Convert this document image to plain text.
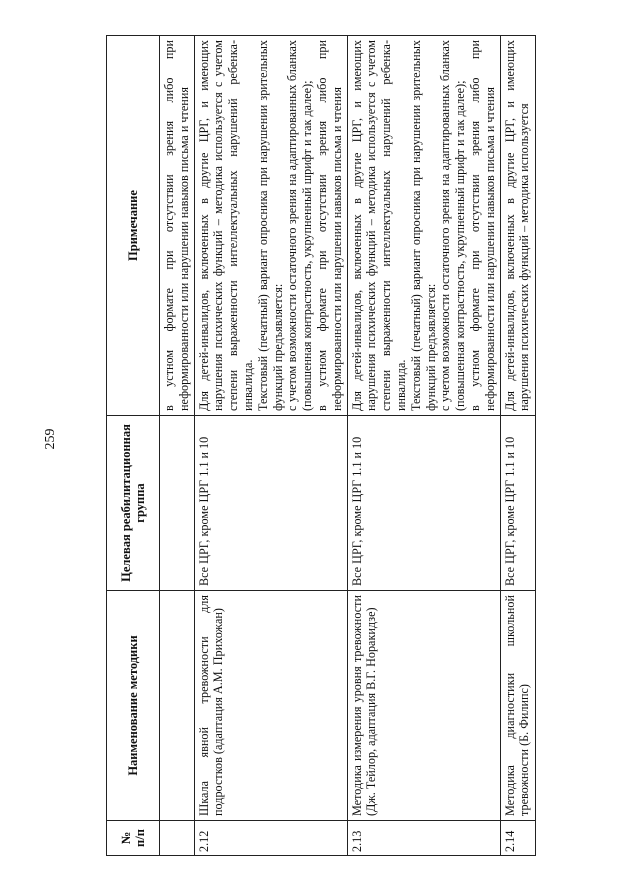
259
№ п/п	Наименование методики	Целевая реабилитационная группа	Примечание

			в устном формате при отсутствии зрения либо при неформированности или нарушении навыков письма и чтения

2.12	Шкала явной тревожности для подростков (адаптация А.М. Прихожан)	Все ЦРГ, кроме ЦРГ 1.1 и 10	Для детей-инвалидов, включенных в другие ЦРГ, и имеющих нарушения психических функций – методика используется с учетом степени выраженности интеллектуальных нарушений ребенка-инвалида. Текстовый (печатный) вариант опросника при нарушении зрительных функций предъявляется: с учетом возможности остаточного зрения на адаптированных бланках (повышенная контрастность, укрупненный шрифт и так далее); в устном формате при отсутствии зрения либо при неформированности или нарушении навыков письма и чтения

2.13	Методика измерения уровня тревожности (Дж. Тейлор, адаптация В.Г. Норакидзе)	Все ЦРГ, кроме ЦРГ 1.1 и 10	Для детей-инвалидов, включенных в другие ЦРГ, и имеющих нарушения психических функций – методика используется с учетом степени выраженности интеллектуальных нарушений ребенка-инвалида. Текстовый (печатный) вариант опросника при нарушении зрительных функций предъявляется: с учетом возможности остаточного зрения на адаптированных бланках (повышенная контрастность, укрупненный шрифт и так далее); в устном формате при отсутствии зрения либо при неформированности или нарушении навыков письма и чтения

2.14	Методика диагностики школьной тревожности (Б. Филипс)	Все ЦРГ, кроме ЦРГ 1.1 и 10	Для детей-инвалидов, включенных в другие ЦРГ, и имеющих нарушения психических функций – методика используется
